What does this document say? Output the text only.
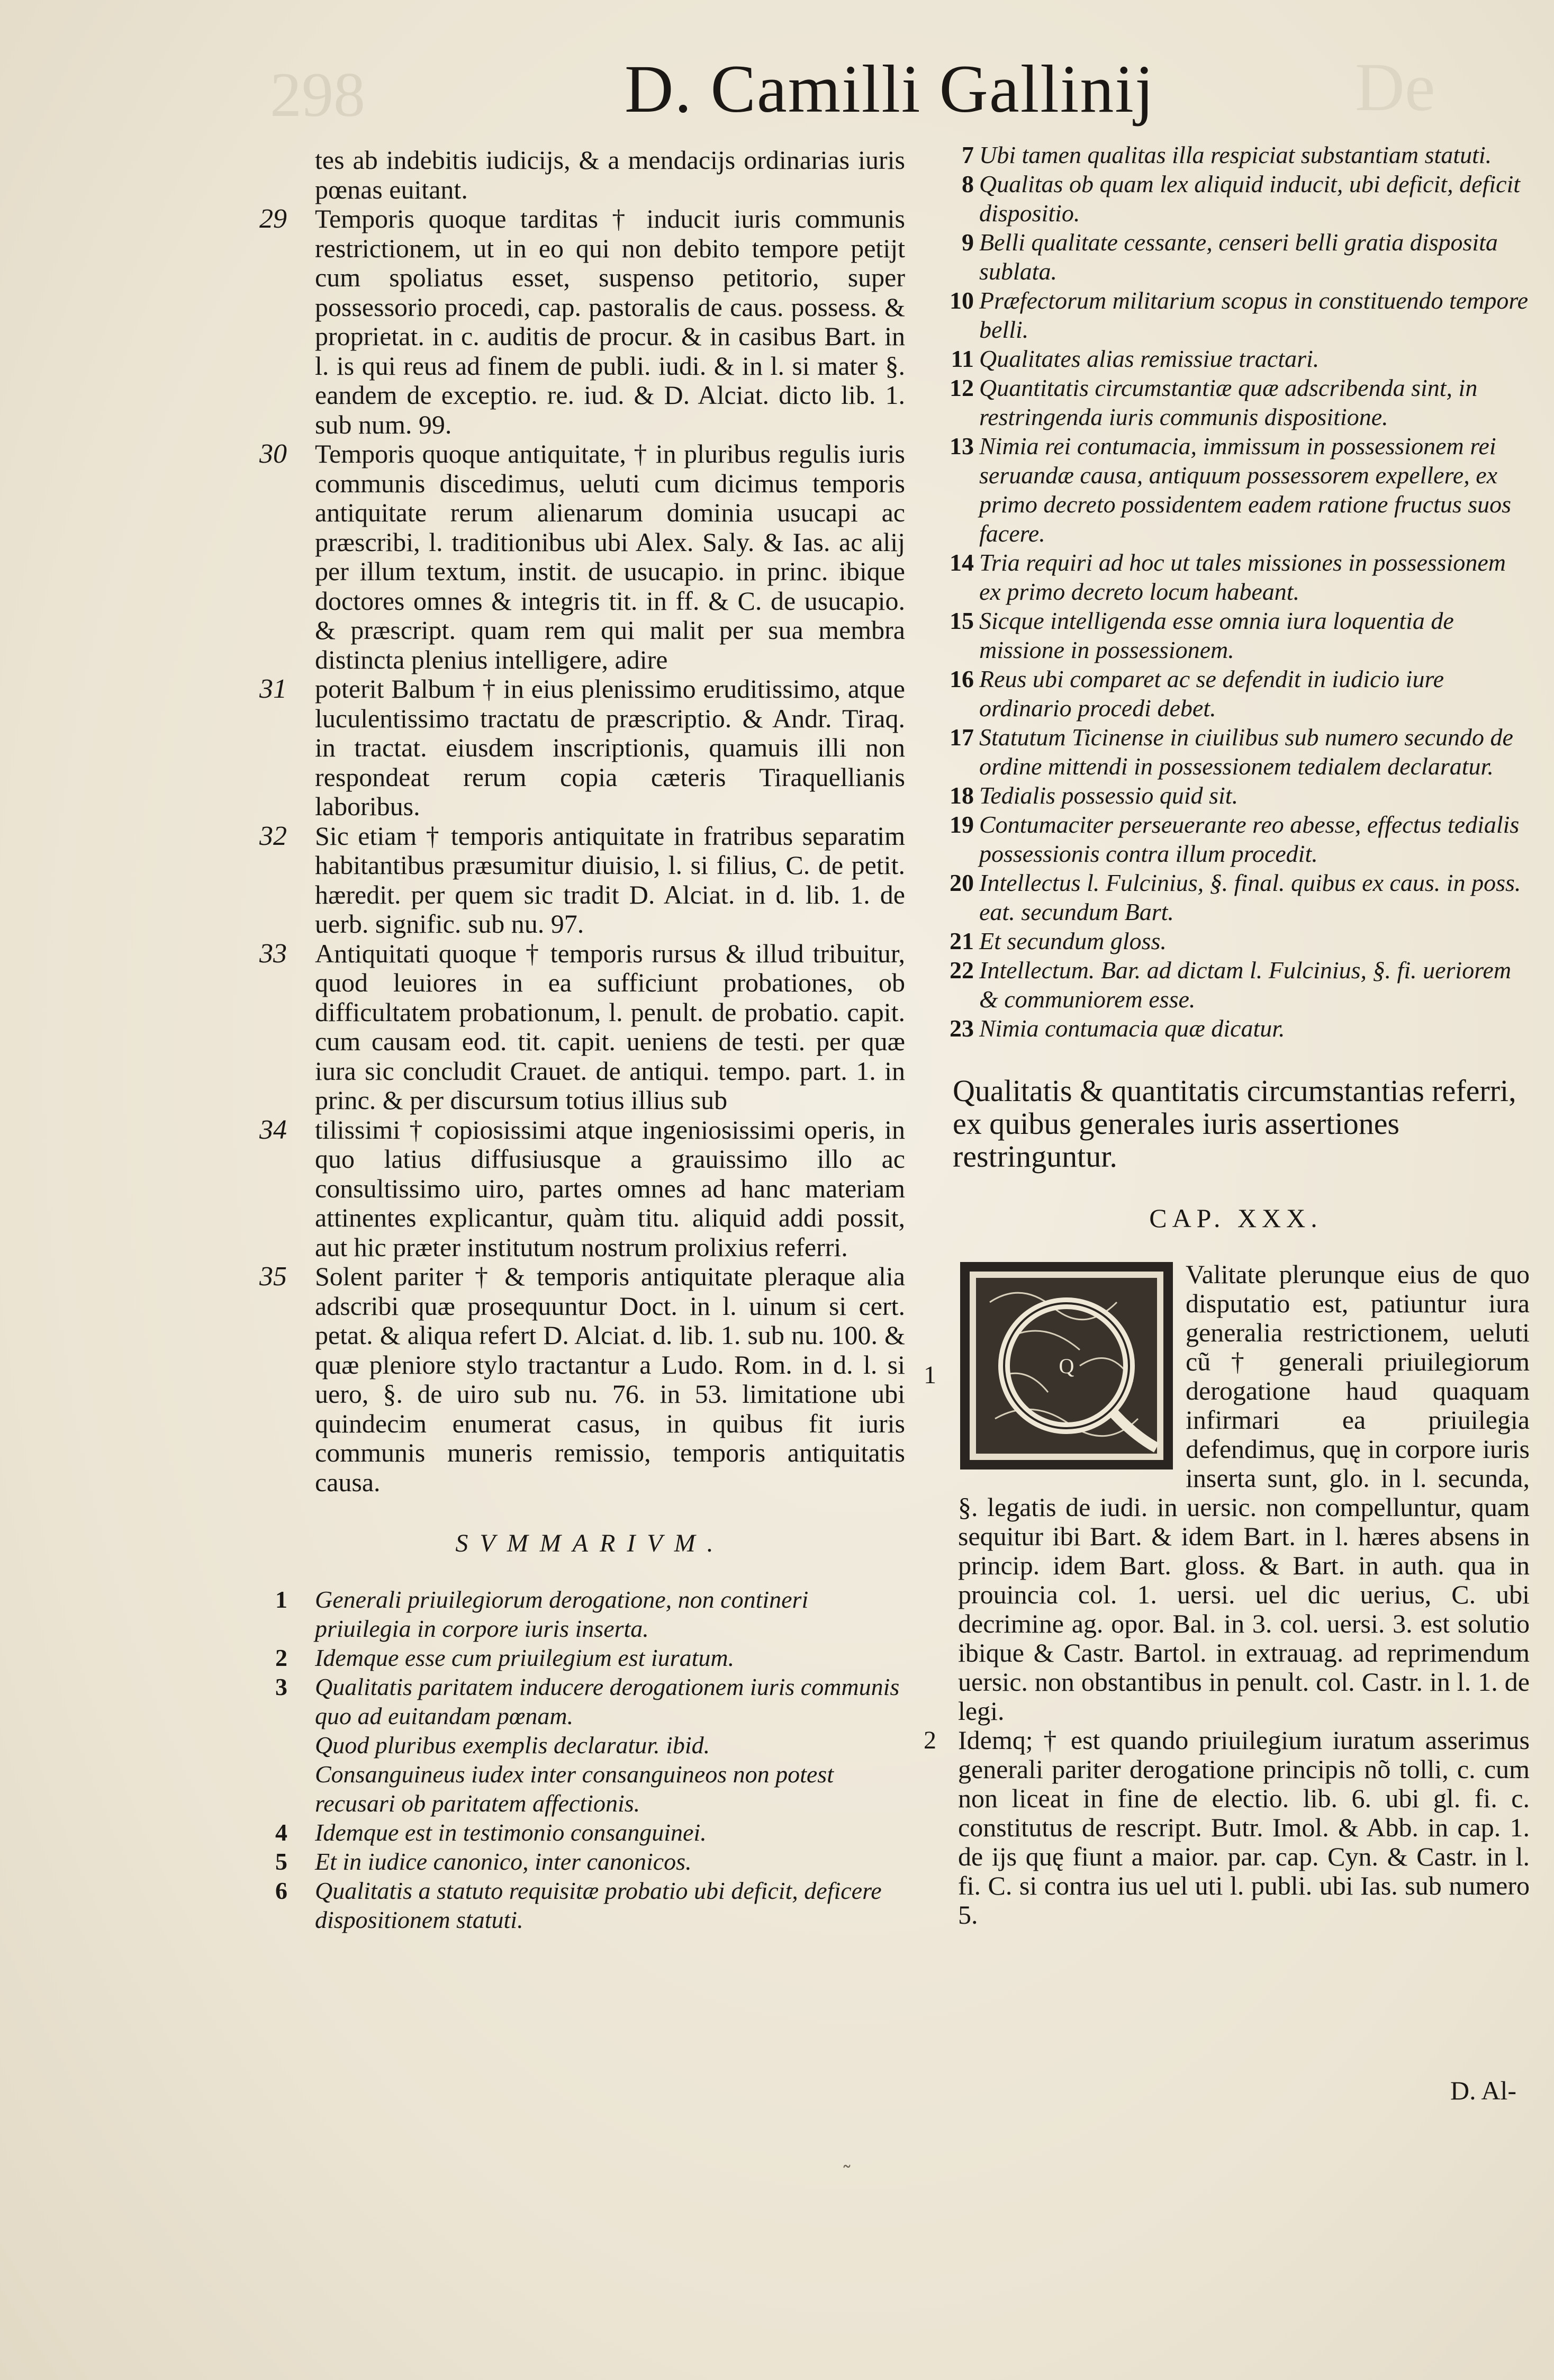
298	De
D. Camilli Gallinij

tes ab indebitis iudicijs, & a mendacijs ordinarias iuris pœnas euitant.

29 Temporis quoque tarditas † inducit iuris communis restrictionem, ut in eo qui non debito tempore petijt cum spoliatus esset, suspenso petitorio, super possessorio procedi, cap. pastoralis de caus. possess. & proprietat. in c. auditis de procur. & in casibus Bart. in l. is qui reus ad finem de publi. iudi. & in l. si mater §. eandem de exceptio. re. iud. & D. Alciat. dicto lib. 1. sub num. 99.

30 Temporis quoque antiquitate, † in pluribus regulis iuris communis discedimus, ueluti cum dicimus temporis antiquitate rerum alienarum dominia usucapi ac præscribi, l. traditionibus ubi Alex. Saly. & Ias. ac alij per illum textum, instit. de usucapio. in princ. ibique doctores omnes & integris tit. in ff. & C. de usucapio. & præscript. quam rem qui malit per sua membra distincta plenius intelligere, adire

31 poterit Balbum † in eius plenissimo eruditissimo, atque luculentissimo tractatu de præscriptio. & Andr. Tiraq. in tractat. eiusdem inscriptionis, quamuis illi non respondeat rerum copia cæteris Tiraquellianis laboribus.

32 Sic etiam † temporis antiquitate in fratribus separatim habitantibus præsumitur diuisio, l. si filius, C. de petit. hæredit. per quem sic tradit D. Alciat. in d. lib. 1. de uerb. signific. sub nu. 97.

33 Antiquitati quoque † temporis rursus & illud tribuitur, quod leuiores in ea sufficiunt probationes, ob difficultatem probationum, l. penult. de probatio. capit. cum causam eod. tit. capit. ueniens de testi. per quæ iura sic concludit Crauet. de antiqui. tempo. part. 1. in princ. & per discursum totius illius sub

34 tilissimi † copiosissimi atque ingeniosissimi operis, in quo latius diffusiusque a grauissimo illo ac consultissimo uiro, partes omnes ad hanc materiam attinentes explicantur, quàm titu. aliquid addi possit, aut hic præter institutum nostrum prolixius referri.

35 Solent pariter † & temporis antiquitate pleraque alia adscribi quæ prosequuntur Doct. in l. uinum si cert. petat. & aliqua refert D. Alciat. d. lib. 1. sub nu. 100. & quæ pleniore stylo tractantur a Ludo. Rom. in d. l. si uero, §. de uiro sub nu. 76. in 53. limitatione ubi quindecim enumerat casus, in quibus fit iuris communis muneris remissio, temporis antiquitatis causa.

SVMMARIVM.
1	Generali priuilegiorum derogatione, non contineri priuilegia in corpore iuris inserta.
2	Idemque esse cum priuilegium est iuratum.
3	Qualitatis paritatem inducere derogationem iuris communis quo ad euitandam pœnam.
Quod pluribus exemplis declaratur. ibid.
Consanguineus iudex inter consanguineos non potest recusari ob paritatem affectionis.
4	Idemque est in testimonio consanguinei.
5	Et in iudice canonico, inter canonicos.
6	Qualitatis a statuto requisitæ probatio ubi deficit, deficere dispositionem statuti.
7 Ubi tamen qualitas illa respiciat substantiam statuti.
8 Qualitas ob quam lex aliquid inducit, ubi deficit, deficit dispositio.
9 Belli qualitate cessante, censeri belli gratia disposita sublata.
10 Præfectorum militarium scopus in constituendo tempore belli.
11 Qualitates alias remissiue tractari.
12 Quantitatis circumstantiæ quæ adscribenda sint, in restringenda iuris communis dispositione.
13 Nimia rei contumacia, immissum in possessionem rei seruandæ causa, antiquum possessorem expellere, ex primo decreto possidentem eadem ratione fructus suos facere.
14 Tria requiri ad hoc ut tales missiones in possessionem ex primo decreto locum habeant.
15 Sicque intelligenda esse omnia iura loquentia de missione in possessionem.
16 Reus ubi comparet ac se defendit in iudicio iure ordinario procedi debet.
17 Statutum Ticinense in ciuilibus sub numero secundo de ordine mittendi in possessionem tedialem declaratur.
18 Tedialis possessio quid sit.
19 Contumaciter perseuerante reo abesse, effectus tedialis possessionis contra illum procedit.
20 Intellectus l. Fulcinius, §. final. quibus ex caus. in poss. eat. secundum Bart.
21 Et secundum gloss.
22 Intellectum. Bar. ad dictam l. Fulcinius, §. fi. ueriorem & communiorem esse.
23 Nimia contumacia quæ dicatur.
Qualitatis & quantitatis circumstantias referri, ex quibus generales iuris assertiones restringuntur.
CAP. XXX.
1	Q
Valitate plerunque eius de quo disputatio est, patiuntur iura generalia restrictionem, ueluti cũ † generali priuilegiorum derogatione haud quaquam infirmari ea priuilegia defendimus, quę in corpore iuris inserta sunt, glo. in l. secunda, §. legatis de iudi. in uersic. non compelluntur, quam sequitur ibi Bart. & idem Bart. in l. hæres absens in princip. idem Bart. gloss. & Bart. in auth. qua in prouincia col. 1. uersi. uel dic uerius, C. ubi decrimine ag. opor. Bal. in 3. col. uersi. 3. est solutio ibique & Castr. Bartol. in extrauag. ad reprimendum uersic. non obstantibus in penult. col. Castr. in l. 1. de legi.
2 Idemq; † est quando priuilegium iuratum asserimus generali pariter derogatione principis nõ tolli, c. cum non liceat in fine de electio. lib. 6. ubi gl. fi. c. constitutus de rescript. Butr. Imol. & Abb. in cap. 1. de ijs quę fiunt a maior. par. cap. Cyn. & Castr. in l. fi. C. si contra ius uel uti l. publi. ubi Ias. sub numero 5.
D. Al-
˜
